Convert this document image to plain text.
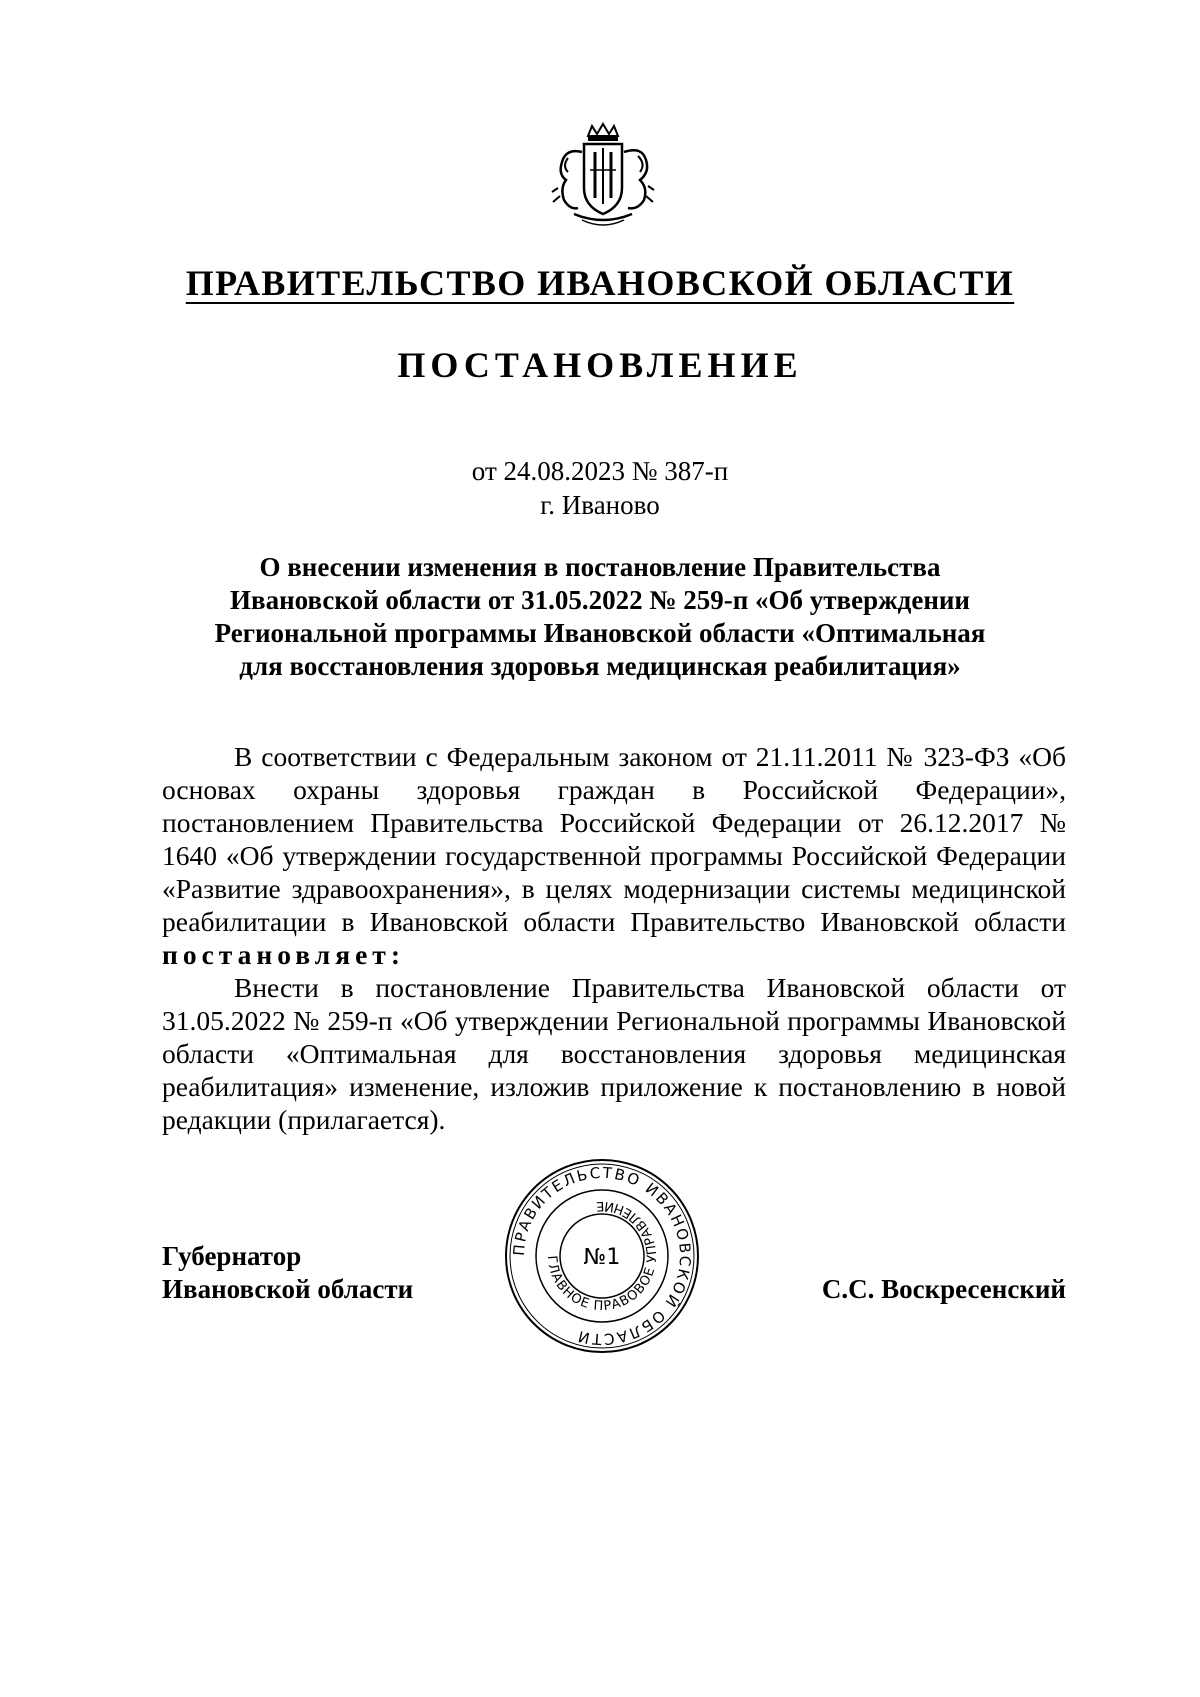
ПРАВИТЕЛЬСТВО ИВАНОВСКОЙ ОБЛАСТИ
ПОСТАНОВЛЕНИЕ
от 24.08.2023 № 387-п
г. Иваново
О внесении изменения в постановление Правительства
Ивановской области от 31.05.2022 № 259-п «Об утверждении
Региональной программы Ивановской области «Оптимальная
для восстановления здоровья медицинская реабилитация»

В соответствии с Федеральным законом от 21.11.2011 № 323-ФЗ «Об основах охраны здоровья граждан в Российской Федерации», постановлением Правительства Российской Федерации от 26.12.2017 № 1640 «Об утверждении государственной программы Российской Федерации «Развитие здравоохранения», в целях модернизации системы медицинской реабилитации в Ивановской области Правительство Ивановской области постановляет:

Внести в постановление Правительства Ивановской области от 31.05.2022 № 259-п «Об утверждении Региональной программы Ивановской области «Оптимальная для восстановления здоровья медицинская реабилитация» изменение, изложив приложение к постановлению в новой редакции (прилагается).

Губернатор
Ивановской области	С.С. Воскресенский
ПРАВИТЕЛЬСТВО ИВАНОВСКОЙ ОБЛАСТИ
ГЛАВНОЕ ПРАВОВОЕ УПРАВЛЕНИЕ
№1
